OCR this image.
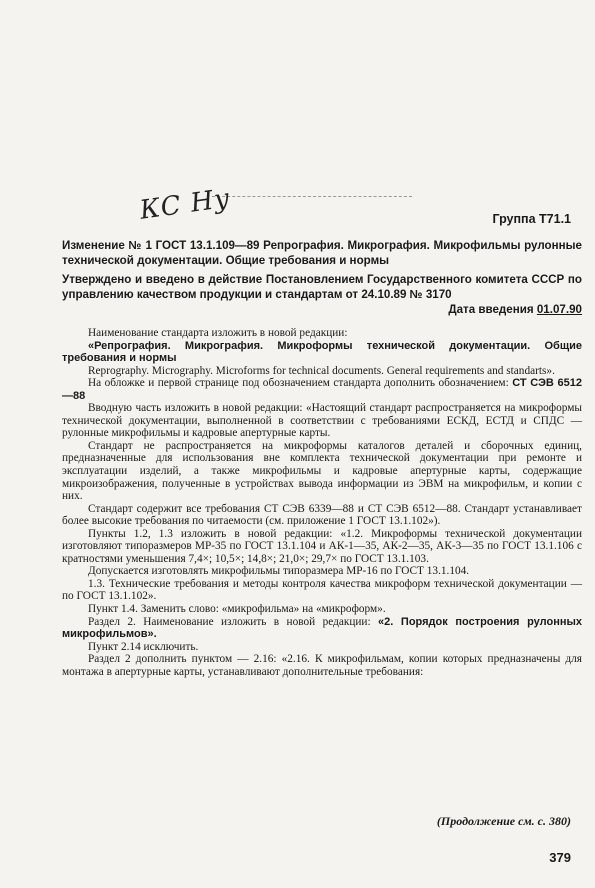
КС Ну	Группа Т71.1
Изменение № 1 ГОСТ 13.1.109—89 Репрография. Микрография. Микрофильмы рулонные технической документации. Общие требования и нормы
Утверждено и введено в действие Постановлением Государственного комитета СССР по управлению качеством продукции и стандартам от 24.10.89 № 3170
Дата введения 01.07.90

Наименование стандарта изложить в новой редакции:

«Репрография. Микрография. Микроформы технической документации. Общие требования и нормы

Reprography. Micrography. Microforms for technical documents. General requirements and standarts».

На обложке и первой странице под обозначением стандарта дополнить обозначением: СТ СЭВ 6512—88

Вводную часть изложить в новой редакции: «Настоящий стандарт распространяется на микроформы технической документации, выполненной в соответствии с требованиями ЕСКД, ЕСТД и СПДС — рулонные микрофильмы и кадровые апертурные карты.

Стандарт не распространяется на микроформы каталогов деталей и сборочных единиц, предназначенные для использования вне комплекта технической документации при ремонте и эксплуатации изделий, а также микрофильмы и кадровые апертурные карты, содержащие микроизображения, полученные в устройствах вывода информации из ЭВМ на микрофильм, и копии с них.

Стандарт содержит все требования СТ СЭВ 6339—88 и СТ СЭВ 6512—88. Стандарт устанавливает более высокие требования по читаемости (см. приложение 1 ГОСТ 13.1.102»).

Пункты 1.2, 1.3 изложить в новой редакции: «1.2. Микроформы технической документации изготовляют типоразмеров МР-35 по ГОСТ 13.1.104 и АК-1—35, АК-2—35, АК-3—35 по ГОСТ 13.1.106 с кратностями уменьшения 7,4×; 10,5×; 14,8×; 21,0×; 29,7× по ГОСТ 13.1.103.

Допускается изготовлять микрофильмы типоразмера МР-16 по ГОСТ 13.1.104.

1.3. Технические требования и методы контроля качества микроформ технической документации — по ГОСТ 13.1.102».

Пункт 1.4. Заменить слово: «микрофильма» на «микроформ».

Раздел 2. Наименование изложить в новой редакции: «2. Порядок построения рулонных микрофильмов».

Пункт 2.14 исключить.

Раздел 2 дополнить пунктом — 2.16: «2.16. К микрофильмам, копии которых предназначены для монтажа в апертурные карты, устанавливают дополнительные требования:

(Продолжение см. с. 380)
379
